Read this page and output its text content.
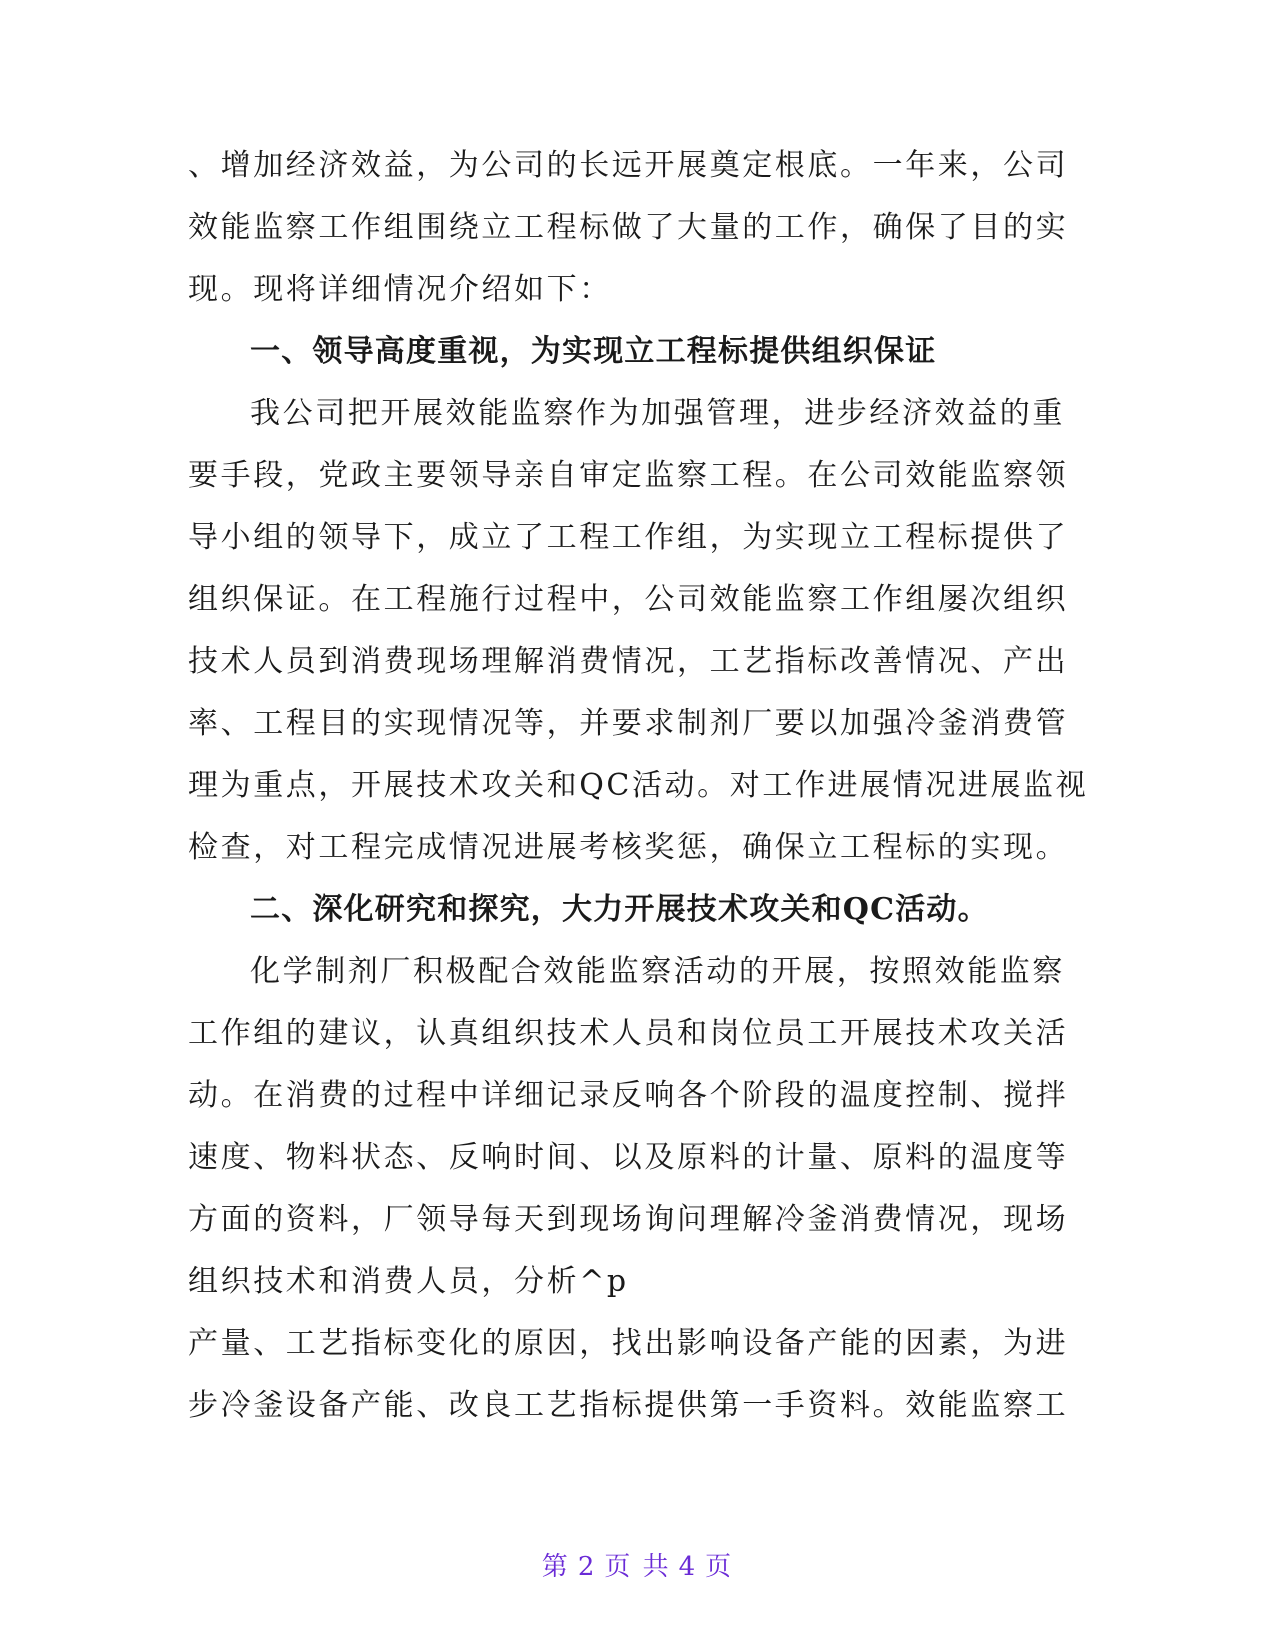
、增加经济效益，为公司的长远开展奠定根底。一年来，公司
效能监察工作组围绕立工程标做了大量的工作，确保了目的实
现。现将详细情况介绍如下：
一、领导高度重视，为实现立工程标提供组织保证
我公司把开展效能监察作为加强管理，进步经济效益的重
要手段，党政主要领导亲自审定监察工程。在公司效能监察领
导小组的领导下，成立了工程工作组，为实现立工程标提供了
组织保证。在工程施行过程中，公司效能监察工作组屡次组织
技术人员到消费现场理解消费情况，工艺指标改善情况、产出
率、工程目的实现情况等，并要求制剂厂要以加强冷釜消费管
理为重点，开展技术攻关和QC活动。对工作进展情况进展监视
检查，对工程完成情况进展考核奖惩，确保立工程标的实现。
二、深化研究和探究，大力开展技术攻关和QC活动。
化学制剂厂积极配合效能监察活动的开展，按照效能监察
工作组的建议，认真组织技术人员和岗位员工开展技术攻关活
动。在消费的过程中详细记录反响各个阶段的温度控制、搅拌
速度、物料状态、反响时间、以及原料的计量、原料的温度等
方面的资料，厂领导每天到现场询问理解冷釜消费情况，现场
组织技术和消费人员，分析^p
产量、工艺指标变化的原因，找出影响设备产能的因素，为进
步冷釜设备产能、改良工艺指标提供第一手资料。效能监察工
第 2 页 共 4 页
